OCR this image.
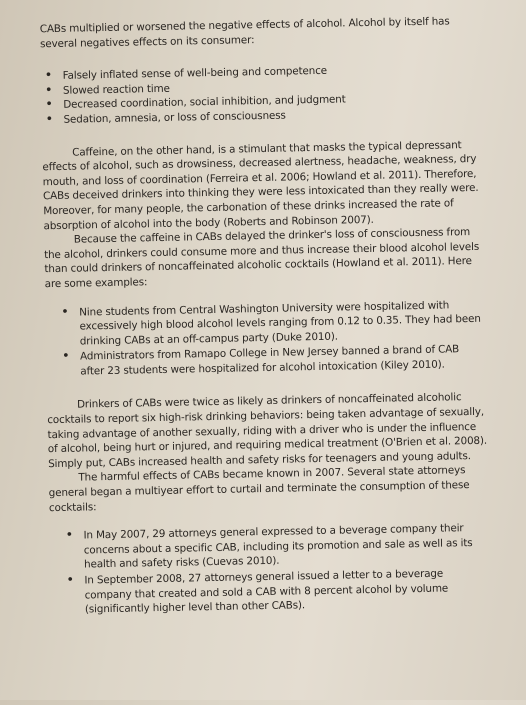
CABs multiplied or worsened the negative effects of alcohol. Alcohol by itself has several negatives effects on its consumer:

• Falsely inflated sense of well-being and competence
• Slowed reaction time
• Decreased coordination, social inhibition, and judgment
• Sedation, amnesia, or loss of consciousness

Caffeine, on the other hand, is a stimulant that masks the typical depressant effects of alcohol, such as drowsiness, decreased alertness, headache, weakness, dry mouth, and loss of coordination (Ferreira et al. 2006; Howland et al. 2011). Therefore, CABs deceived drinkers into thinking they were less intoxicated than they really were. Moreover, for many people, the carbonation of these drinks increased the rate of absorption of alcohol into the body (Roberts and Robinson 2007).

Because the caffeine in CABs delayed the drinker's loss of consciousness from the alcohol, drinkers could consume more and thus increase their blood alcohol levels than could drinkers of noncaffeinated alcoholic cocktails (Howland et al. 2011). Here are some examples:

• Nine students from Central Washington University were hospitalized with excessively high blood alcohol levels ranging from 0.12 to 0.35. They had been drinking CABs at an off-campus party (Duke 2010).
• Administrators from Ramapo College in New Jersey banned a brand of CAB after 23 students were hospitalized for alcohol intoxication (Kiley 2010).

Drinkers of CABs were twice as likely as drinkers of noncaffeinated alcoholic cocktails to report six high-risk drinking behaviors: being taken advantage of sexually, taking advantage of another sexually, riding with a driver who is under the influence of alcohol, being hurt or injured, and requiring medical treatment (O'Brien et al. 2008). Simply put, CABs increased health and safety risks for teenagers and young adults.

The harmful effects of CABs became known in 2007. Several state attorneys general began a multiyear effort to curtail and terminate the consumption of these cocktails:

• In May 2007, 29 attorneys general expressed to a beverage company their concerns about a specific CAB, including its promotion and sale as well as its health and safety risks (Cuevas 2010).
• In September 2008, 27 attorneys general issued a letter to a beverage company that created and sold a CAB with 8 percent alcohol by volume (significantly higher level than other CABs).
